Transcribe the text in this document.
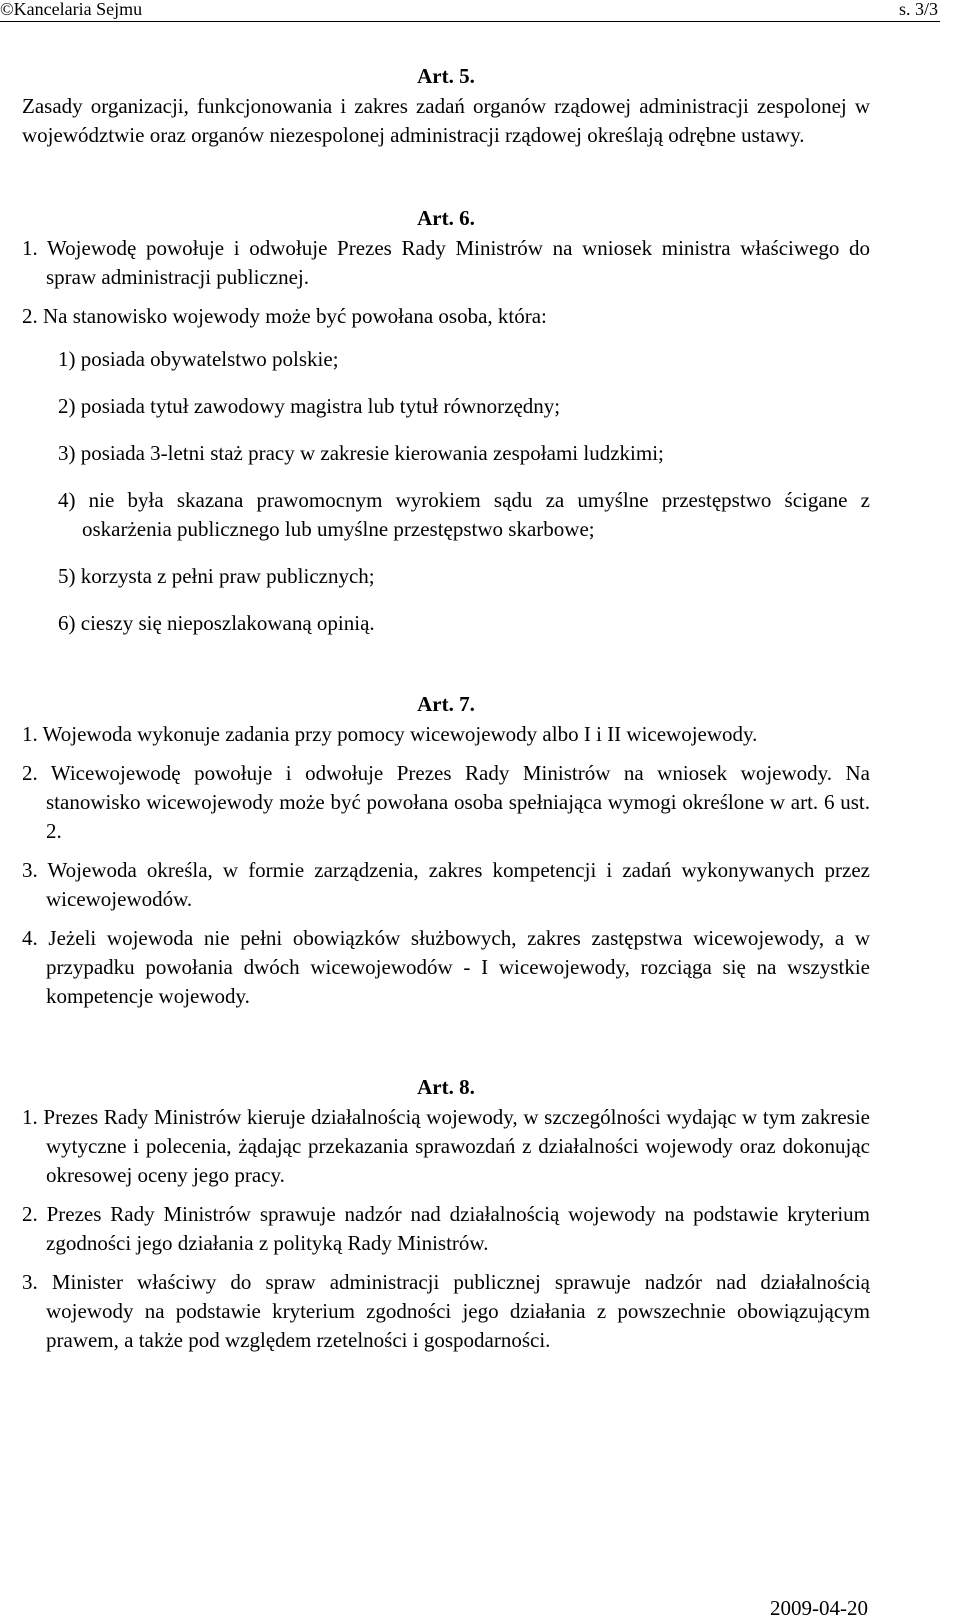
©Kancelaria Sejmu	s. 3/3
Art. 5.

Zasady organizacji, funkcjonowania i zakres zadań organów rządowej administracji zespolonej w województwie oraz organów niezespolonej administracji rządowej określają odrębne ustawy.

Art. 6.

1. Wojewodę powołuje i odwołuje Prezes Rady Ministrów na wniosek ministra właściwego do spraw administracji publicznej.

2. Na stanowisko wojewody może być powołana osoba, która:

1) posiada obywatelstwo polskie;

2) posiada tytuł zawodowy magistra lub tytuł równorzędny;

3) posiada 3-letni staż pracy w zakresie kierowania zespołami ludzkimi;

4) nie była skazana prawomocnym wyrokiem sądu za umyślne przestępstwo ścigane z oskarżenia publicznego lub umyślne przestępstwo skarbowe;

5) korzysta z pełni praw publicznych;

6) cieszy się nieposzlakowaną opinią.

Art. 7.

1. Wojewoda wykonuje zadania przy pomocy wicewojewody albo I i II wicewojewody.

2. Wicewojewodę powołuje i odwołuje Prezes Rady Ministrów na wniosek wojewody. Na stanowisko wicewojewody może być powołana osoba spełniająca wymogi określone w art. 6 ust. 2.

3. Wojewoda określa, w formie zarządzenia, zakres kompetencji i zadań wykonywanych przez wicewojewodów.

4. Jeżeli wojewoda nie pełni obowiązków służbowych, zakres zastępstwa wicewojewody, a w przypadku powołania dwóch wicewojewodów - I wicewojewody, rozciąga się na wszystkie kompetencje wojewody.

Art. 8.

1. Prezes Rady Ministrów kieruje działalnością wojewody, w szczególności wydając w tym zakresie wytyczne i polecenia, żądając przekazania sprawozdań z działalności wojewody oraz dokonując okresowej oceny jego pracy.

2. Prezes Rady Ministrów sprawuje nadzór nad działalnością wojewody na podstawie kryterium zgodności jego działania z polityką Rady Ministrów.

3. Minister właściwy do spraw administracji publicznej sprawuje nadzór nad działalnością wojewody na podstawie kryterium zgodności jego działania z powszechnie obowiązującym prawem, a także pod względem rzetelności i gospodarności.

2009-04-20
